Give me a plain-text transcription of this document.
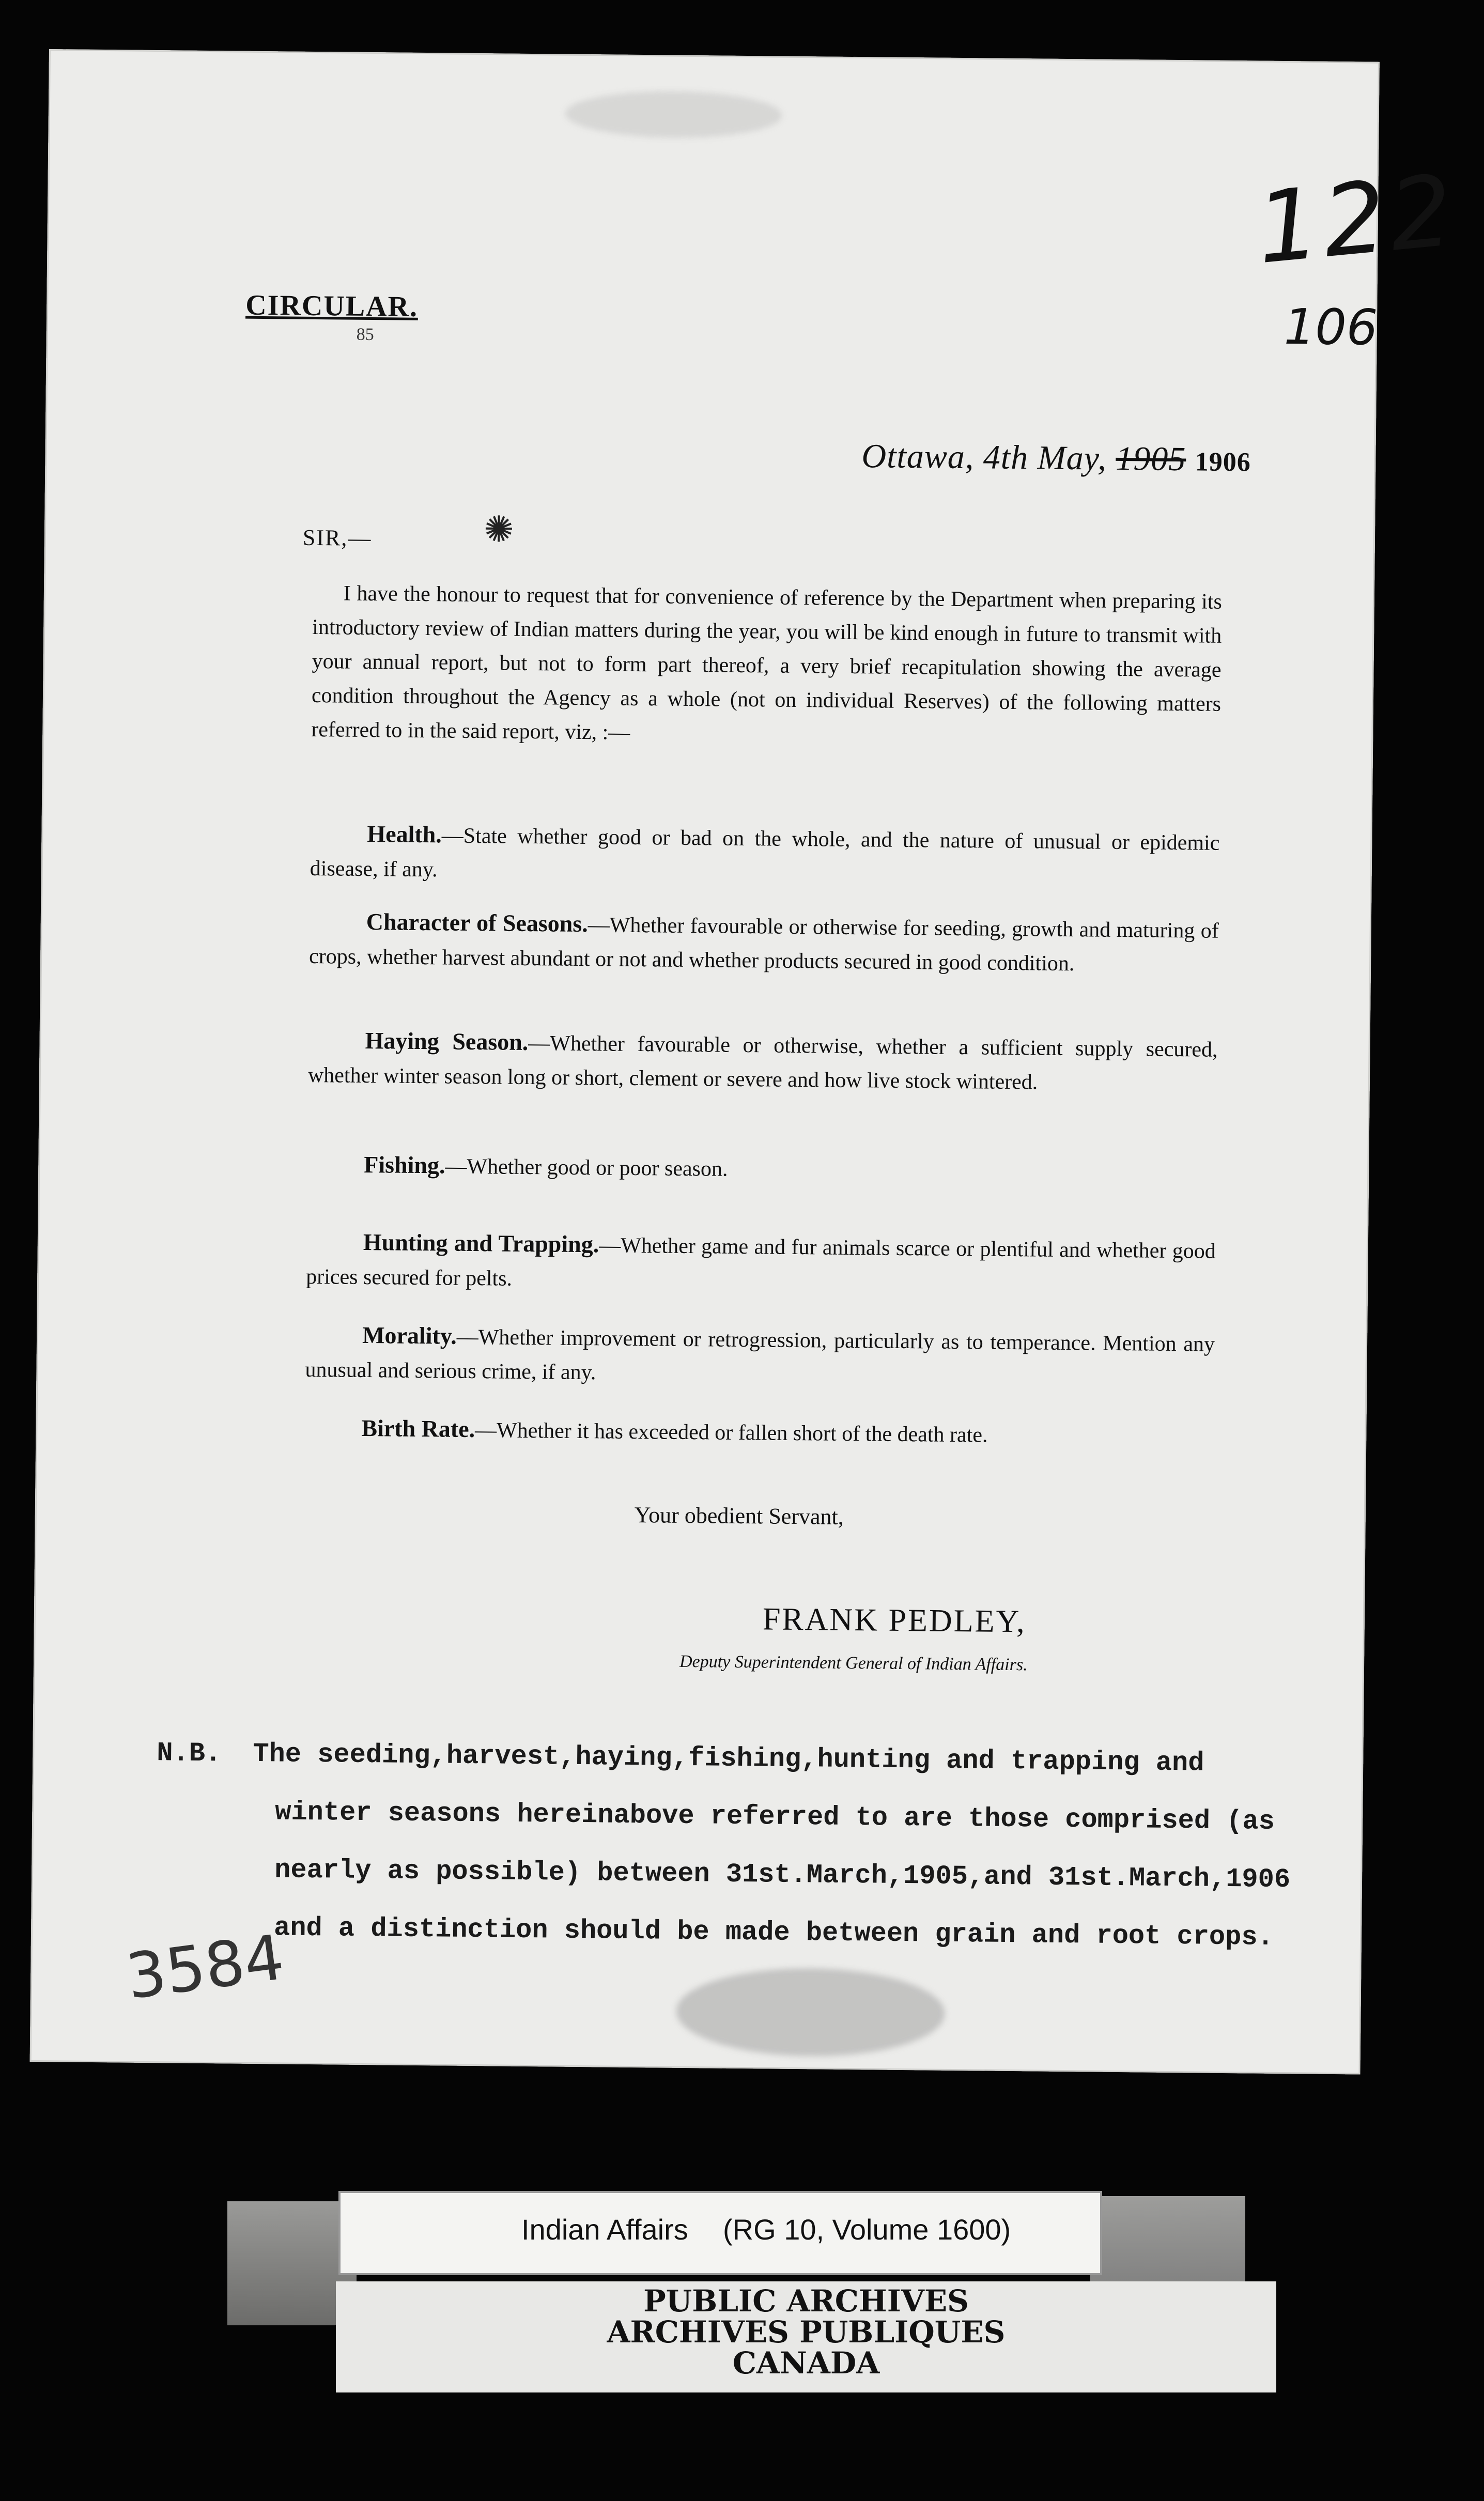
122
106
CIRCULAR.
85
Ottawa, 4th May, 1905 1906
SIR,—	✺
I have the honour to request that for convenience of reference by the Department when preparing its introductory review of Indian matters during the year, you will be kind enough in future to transmit with your annual report, but not to form part thereof, a very brief recapitulation showing the average condition throughout the Agency as a whole (not on individual Reserves) of the following matters referred to in the said report, viz, :—
Health.—State whether good or bad on the whole, and the nature of unusual or epidemic disease, if any.
Character of Seasons.—Whether favourable or otherwise for seeding, growth and maturing of crops, whether harvest abundant or not and whether products secured in good condition.
Haying Season.—Whether favourable or otherwise, whether a sufficient supply secured, whether winter season long or short, clement or severe and how live stock wintered.
Fishing.—Whether good or poor season.
Hunting and Trapping.—Whether game and fur animals scarce or plentiful and whether good prices secured for pelts.
Morality.—Whether improvement or retrogression, particularly as to temperance. Mention any unusual and serious crime, if any.
Birth Rate.—Whether it has exceeded or fallen short of the death rate.
Your obedient Servant,
FRANK PEDLEY,
Deputy Superintendent General of Indian Affairs.
N.B. The seeding,harvest,haying,fishing,hunting and trapping and
winter seasons hereinabove referred to are those comprised (as
nearly as possible) between 31st.March,1905,and 31st.March,1906
and a distinction should be made between grain and root crops.
3584
Indian Affairs (RG 10, Volume 1600)
PUBLIC ARCHIVES
ARCHIVES PUBLIQUES
CANADA
